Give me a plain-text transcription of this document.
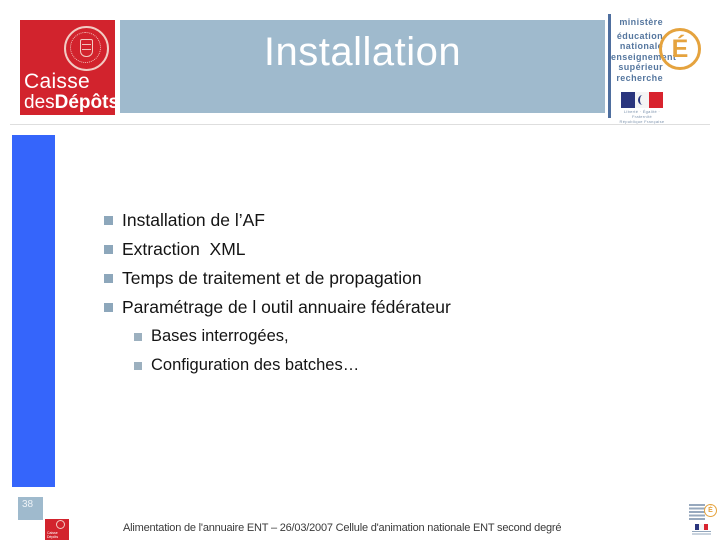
Installation
Caisse
desDépôts
ministère
éducation
nationale
enseignement
supérieur
recherche
É
Liberté · Égalité · Fraternité
République Française
Installation de l’AF
Extraction  XML
Temps de traitement et de propagation
Paramétrage de l outil annuaire fédérateur
Bases interrogées,
Configuration des batches…
38
Caisse
Dépôts
Alimentation de l'annuaire ENT – 26/03/2007 Cellule d'animation nationale ENT second degré
É
